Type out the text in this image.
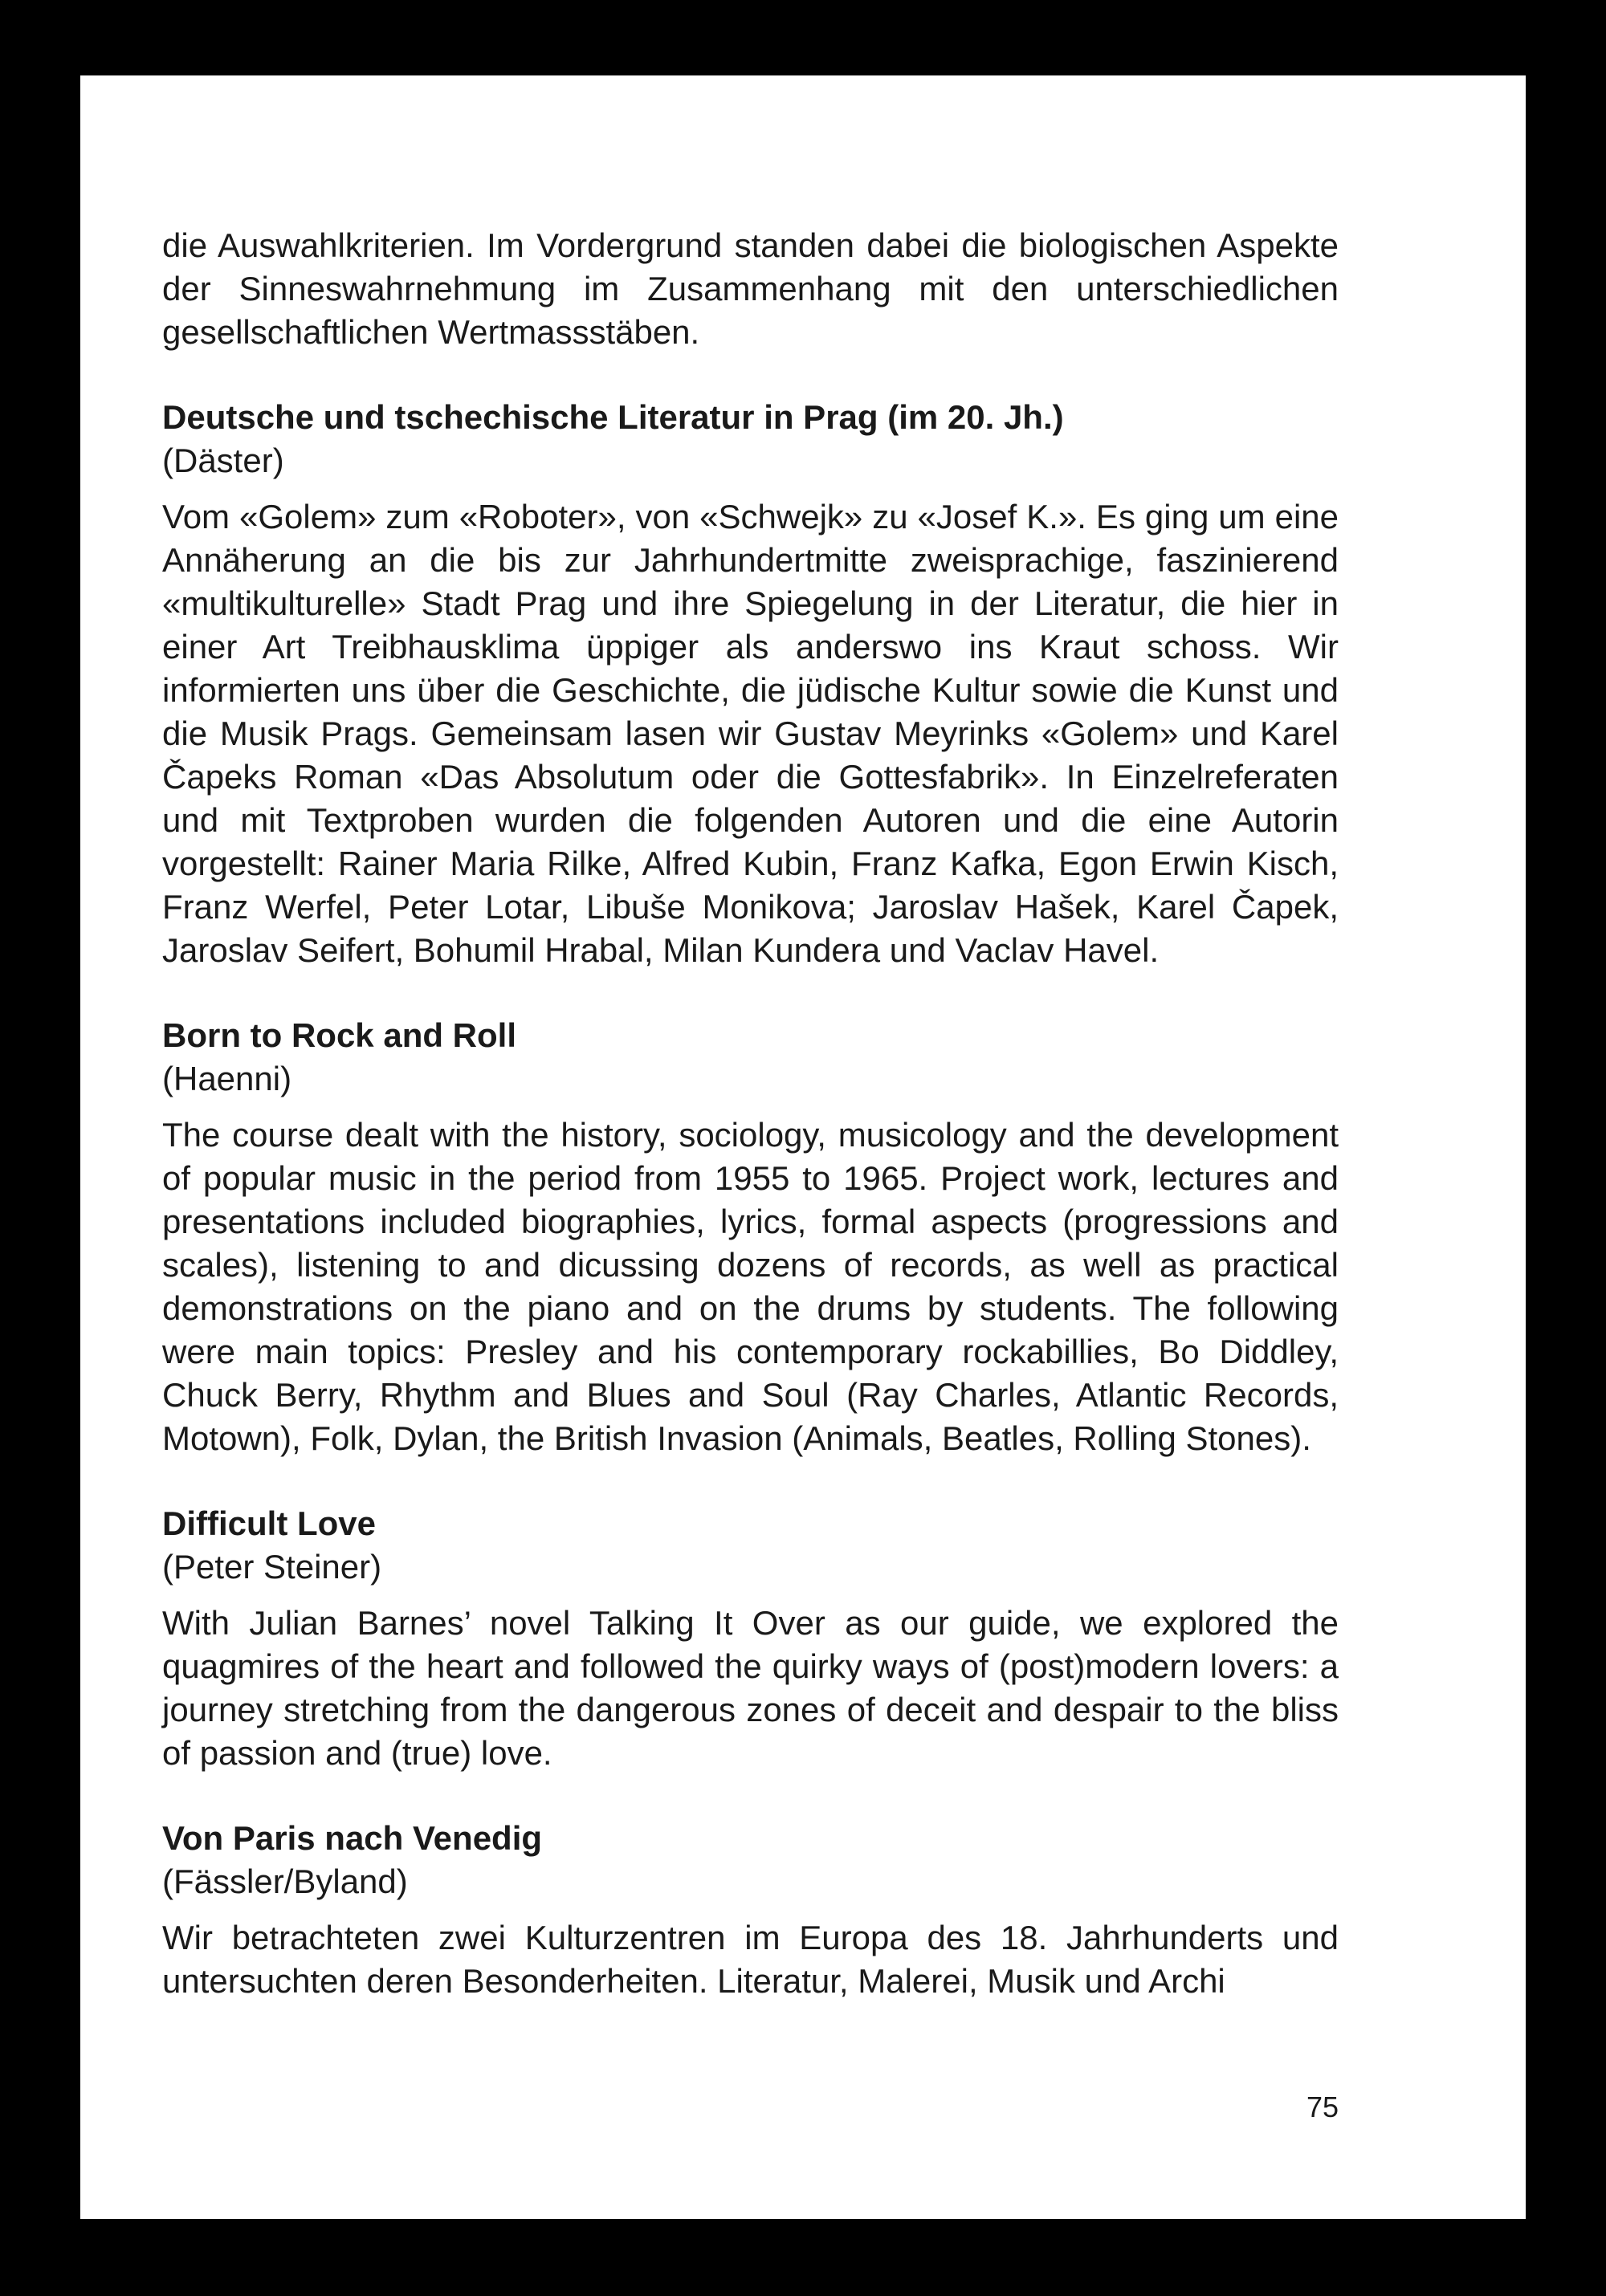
die Auswahlkriterien. Im Vordergrund standen dabei die biologischen Aspekte der Sinneswahrnehmung im Zusammenhang mit den unterschiedlichen gesellschaftlichen Wertmassstäben.

Deutsche und tschechische Literatur in Prag (im 20. Jh.)

(Däster)

Vom «Golem» zum «Roboter», von «Schwejk» zu «Josef K.». Es ging um eine Annäherung an die bis zur Jahrhundertmitte zweisprachige, faszinierend «multikulturelle» Stadt Prag und ihre Spiegelung in der Literatur, die hier in einer Art Treibhausklima üppiger als anderswo ins Kraut schoss. Wir informierten uns über die Geschichte, die jüdische Kultur sowie die Kunst und die Musik Prags. Gemeinsam lasen wir Gustav Meyrinks «Golem» und Karel Čapeks Roman «Das Absolutum oder die Gottesfabrik». In Einzelreferaten und mit Textproben wurden die folgenden Autoren und die eine Autorin vorgestellt: Rainer Maria Rilke, Alfred Kubin, Franz Kafka, Egon Erwin Kisch, Franz Werfel, Peter Lotar, Libuše Monikova; Jaroslav Hašek, Karel Čapek, Jaroslav Seifert, Bohumil Hrabal, Milan Kundera und Vaclav Havel.

Born to Rock and Roll

(Haenni)

The course dealt with the history, sociology, musicology and the development of popular music in the period from 1955 to 1965. Project work, lectures and presentations included biographies, lyrics, formal aspects (progressions and scales), listening to and dicussing dozens of records, as well as practical demonstrations on the piano and on the drums by students. The following were main topics: Presley and his contemporary rockabillies, Bo Diddley, Chuck Berry, Rhythm and Blues and Soul (Ray Charles, Atlantic Records, Motown), Folk, Dylan, the British Invasion (Animals, Beatles, Rolling Stones).

Difficult Love

(Peter Steiner)

With Julian Barnes’ novel Talking It Over as our guide, we explored the quagmires of the heart and followed the quirky ways of (post)modern lovers: a journey stretching from the dangerous zones of deceit and despair to the bliss of passion and (true) love.

Von Paris nach Venedig

(Fässler/Byland)

Wir betrachteten zwei Kulturzentren im Europa des 18. Jahrhunderts und untersuchten deren Besonderheiten. Literatur, Malerei, Musik und Archi

75
